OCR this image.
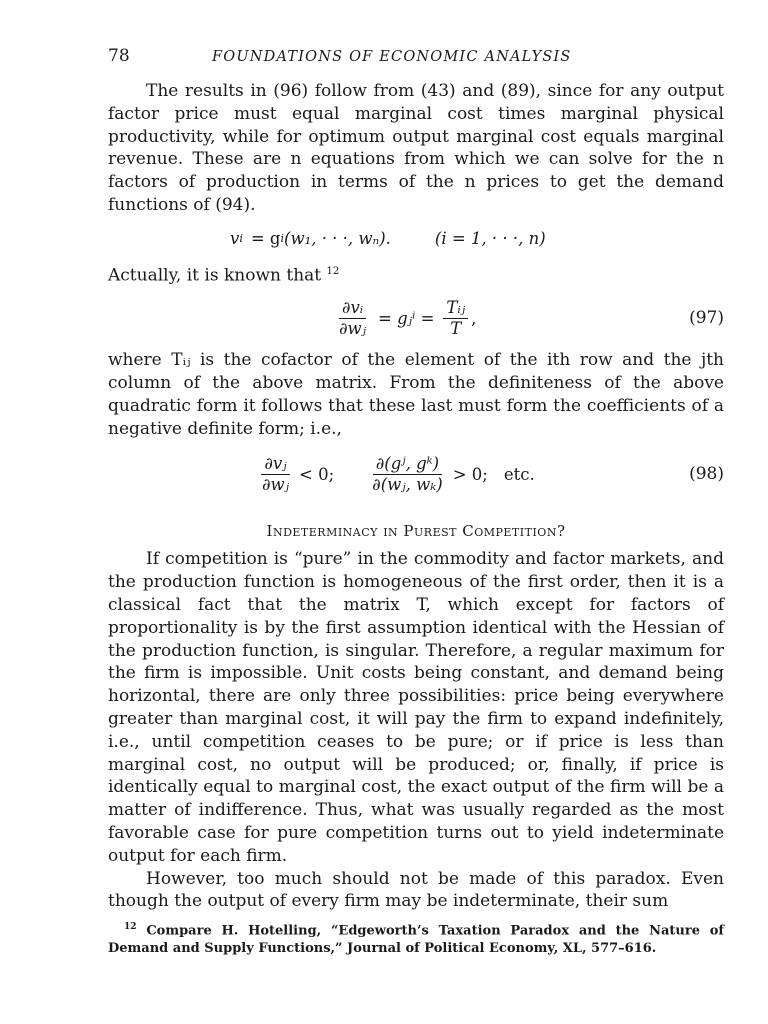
78	FOUNDATIONS OF ECONOMIC ANALYSIS

The results in (96) follow from (43) and (89), since for any output factor price must equal marginal cost times marginal physical productivity, while for optimum output marginal cost equals marginal revenue. These are n equations from which we can solve for the n factors of production in terms of the n prices to get the demand functions of (94).

v i = g i (w₁, · · ·, wₙ).	(i = 1, · · ·, n)

Actually, it is known that $^{12}$

$\frac{\text{∂vᵢ}}{\text{∂wⱼ}}$ = gⱼⁱ = $\frac{\text{Tᵢⱼ}}{T}$ ,	(97)

where Tᵢⱼ is the cofactor of the element of the ith row and the jth column of the above matrix. From the definiteness of the above quadratic form it follows that these last must form the coefficients of a negative definite form; i.e.,

$\frac{\text{∂vⱼ}}{\text{∂wⱼ}} < 0$; $\frac{\text{∂(gʲ, gᵏ)}}{\text{∂(wⱼ, wₖ)}} > 0$; etc.	(98)
Indeterminacy in Purest Competition?

If competition is “pure” in the commodity and factor markets, and the production function is homogeneous of the first order, then it is a classical fact that the matrix T, which except for factors of proportionality is by the first assumption identical with the Hessian of the production function, is singular. Therefore, a regular maximum for the firm is impossible. Unit costs being constant, and demand being horizontal, there are only three possibilities: price being everywhere greater than marginal cost, it will pay the firm to expand indefinitely, i.e., until competition ceases to be pure; or if price is less than marginal cost, no output will be produced; or, finally, if price is identically equal to marginal cost, the exact output of the firm will be a matter of indifference. Thus, what was usually regarded as the most favorable case for pure competition turns out to yield indeterminate output for each firm.

However, too much should not be made of this paradox. Even though the output of every firm may be indeterminate, their sum

$^{12}$ Compare H. Hotelling, “Edgeworth’s Taxation Paradox and the Nature of Demand and Supply Functions,” Journal of Political Economy, XL, 577–616.
